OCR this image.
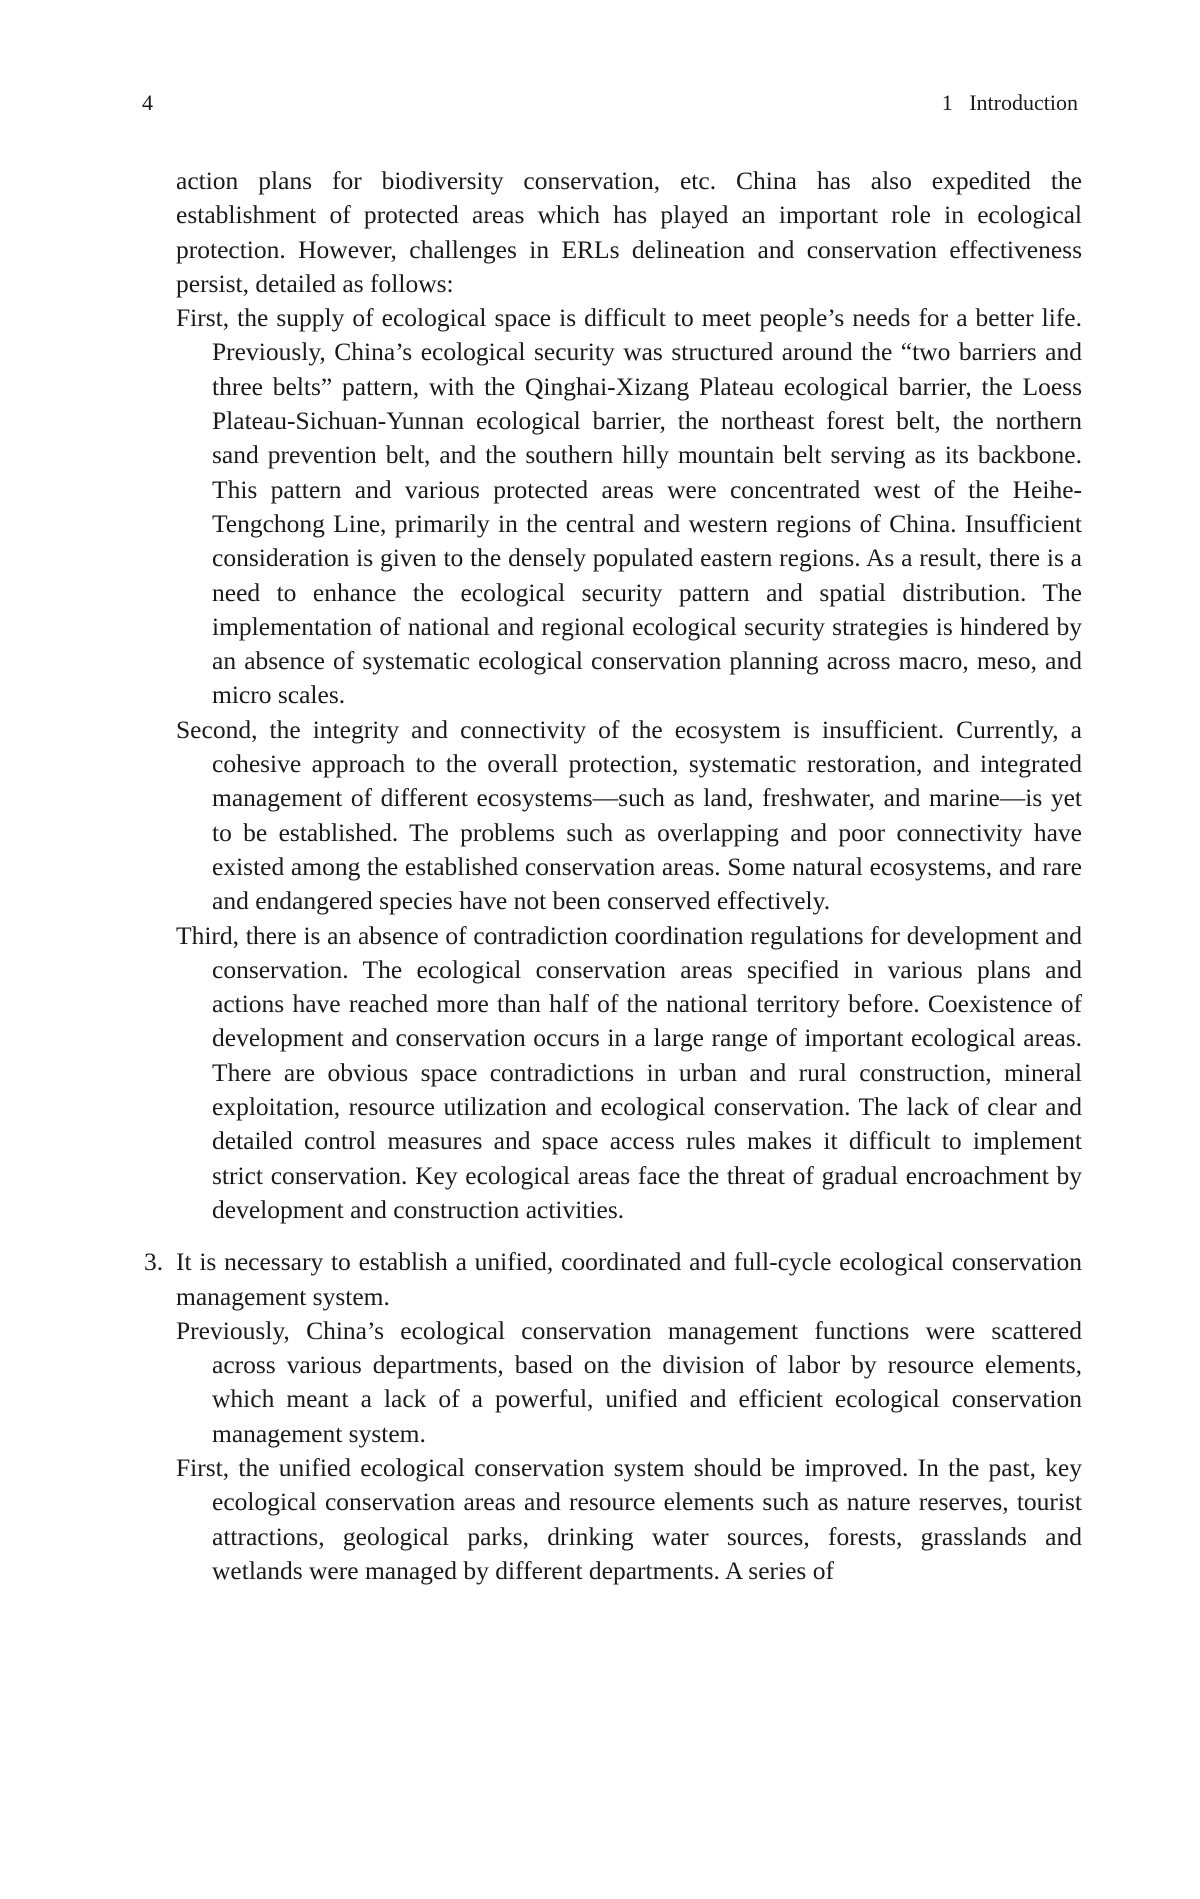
4	1   Introduction

action plans for biodiversity conservation, etc. China has also expedited the establishment of protected areas which has played an important role in ecological protection. However, challenges in ERLs delineation and conservation effectiveness persist, detailed as follows:

First, the supply of ecological space is difficult to meet people’s needs for a better life. Previously, China’s ecological security was structured around the “two barriers and three belts” pattern, with the Qinghai-Xizang Plateau ecological barrier, the Loess Plateau-Sichuan-Yunnan ecological barrier, the northeast forest belt, the northern sand prevention belt, and the southern hilly mountain belt serving as its backbone. This pattern and various protected areas were concentrated west of the Heihe-Tengchong Line, primarily in the central and western regions of China. Insufficient consideration is given to the densely populated eastern regions. As a result, there is a need to enhance the ecological security pattern and spatial distribution. The implementation of national and regional ecological security strategies is hindered by an absence of systematic ecological conservation planning across macro, meso, and micro scales.

Second, the integrity and connectivity of the ecosystem is insufficient. Currently, a cohesive approach to the overall protection, systematic restoration, and integrated management of different ecosystems—such as land, freshwater, and marine—is yet to be established. The problems such as overlapping and poor connectivity have existed among the established conservation areas. Some natural ecosystems, and rare and endangered species have not been conserved effectively.

Third, there is an absence of contradiction coordination regulations for development and conservation. The ecological conservation areas specified in various plans and actions have reached more than half of the national territory before. Coexistence of development and conservation occurs in a large range of important ecological areas. There are obvious space contradictions in urban and rural construction, mineral exploitation, resource utilization and ecological conservation. The lack of clear and detailed control measures and space access rules makes it difficult to implement strict conservation. Key ecological areas face the threat of gradual encroachment by development and construction activities.

3. It is necessary to establish a unified, coordinated and full-cycle ecological conservation management system.

Previously, China’s ecological conservation management functions were scattered across various departments, based on the division of labor by resource elements, which meant a lack of a powerful, unified and efficient ecological conservation management system.

First, the unified ecological conservation system should be improved. In the past, key ecological conservation areas and resource elements such as nature reserves, tourist attractions, geological parks, drinking water sources, forests, grasslands and wetlands were managed by different departments. A series of
